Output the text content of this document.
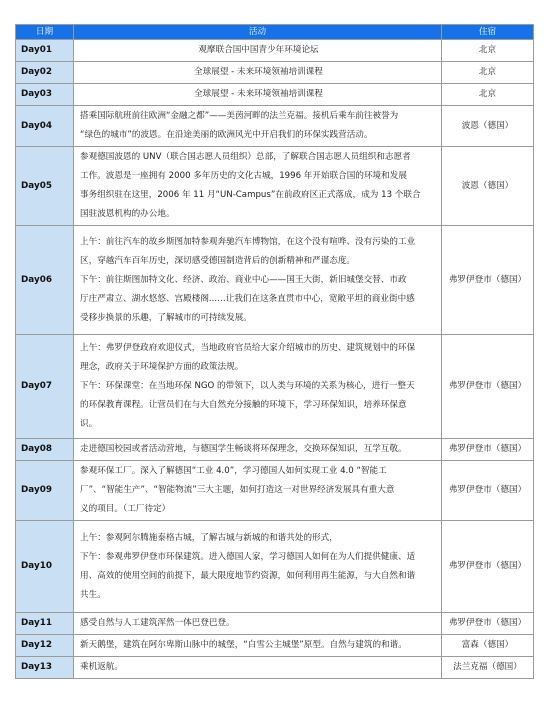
日期	活动	住宿
Day01	观摩联合国中国青少年环境论坛	北京
Day02	全球展望 - 未来环境领袖培训课程	北京
Day03	全球展望 - 未来环境领袖培训课程	北京
Day04	搭乘国际航班前往欧洲“金融之都”——美茵河畔的法兰克福。接机后乘车前往被誉为
“绿色的城市”的波恩。在沿途美丽的欧洲风光中开启我们的环保实践营活动。	波恩（德国）
Day05	参观德国波恩的 UNV（联合国志愿人员组织）总部，了解联合国志愿人员组织和志愿者
工作。波恩是一座拥有 2000 多年历史的文化古城，1996 年开始联合国的环境和发展
事务组织驻在这里，2006 年 11 月“UN-Campus”在前政府区正式落成，成为 13 个联合
国驻波恩机构的办公地。	波恩（德国）
Day06	上午：前往汽车的故乡斯图加特参观奔驰汽车博物馆，在这个没有喧哗、没有污染的工业
区，穿越汽车百年历史，深切感受德国制造背后的创新精神和严谨态度。
下午：前往斯图加特文化、经济、政治、商业中心——国王大街，新旧城堡交替、市政
厅庄严肃立、湖水悠悠、宫殿楼阁...…让我们在这条直贯市中心，宽敞平坦的商业街中感
受移步换景的乐趣，了解城市的可持续发展。	弗罗伊登市（德国）
Day07	上午：弗罗伊登政府欢迎仪式，当地政府官员给大家介绍城市的历史、建筑规划中的环保
理念，政府关于环境保护方面的政策法规。
下午：环保课堂：在当地环保 NGO 的带领下，以人类与环境的关系为核心，进行一整天
的环保教育课程。让营员们在与大自然充分接触的环境下，学习环保知识，培养环保意
识。	弗罗伊登市（德国）
Day08	走进德国校园或者活动营地，与德国学生畅谈将环保理念，交换环保知识，互学互敬。	弗罗伊登市（德国）
Day09	参观环保工厂。深入了解德国“工业 4.0”，学习德国人如何实现工业 4.0 “智能工
厂”、“智能生产”、“智能物流”三大主题，如何打造这一对世界经济发展具有重大意
义的项目。（工厂待定）	弗罗伊登市（德国）
Day10	上午：参观阿尔腾施泰格古城，了解古城与新城的和谐共处的形式，
下午：参观弗罗伊登市环保建筑。进入德国人家，学习德国人如何在为人们提供健康、适
用、高效的使用空间的前提下，最大限度地节约资源，如何利用再生能源，与大自然和谐
共生。	弗罗伊登市（德国）
Day11	感受自然与人工建筑浑然一体巴登巴登。	弗罗伊登市（德国）
Day12	新天鹅堡，建筑在阿尔卑斯山脉中的城堡，“白雪公主城堡”原型。自然与建筑的和谐。	富森（德国）
Day13	乘机返航。	法兰克福（德国）
